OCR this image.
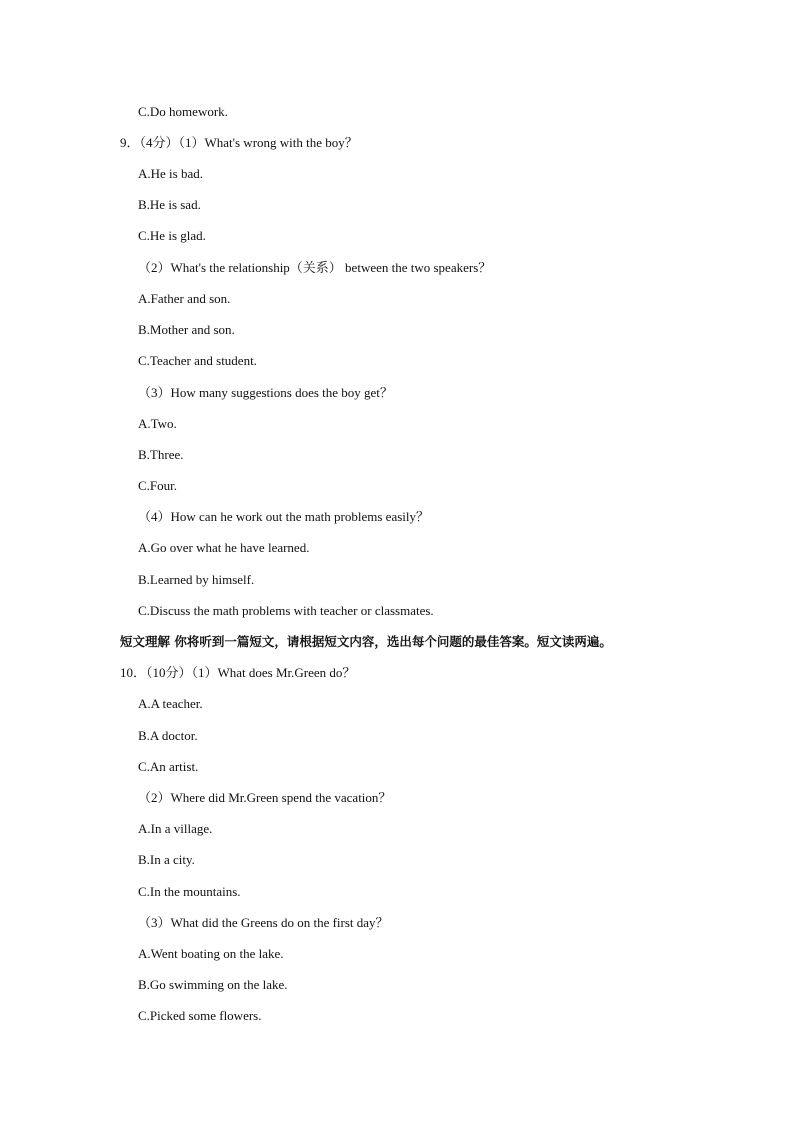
C.Do homework.
9．（4分）（1）What's wrong with the boy？
A.He is bad.
B.He is sad.
C.He is glad.
（2）What's the relationship（关系） between the two speakers？
A.Father and son.
B.Mother and son.
C.Teacher and student.
（3）How many suggestions does the boy get？
A.Two.
B.Three.
C.Four.
（4）How can he work out the math problems easily？
A.Go over what he have learned.
B.Learned by himself.
C.Discuss the math problems with teacher or classmates.
短文理解 你将听到一篇短文，请根据短文内容，选出每个问题的最佳答案。短文读两遍。
10．（10分）（1）What does Mr.Green do？
A.A teacher.
B.A doctor.
C.An artist.
（2）Where did Mr.Green spend the vacation？
A.In a village.
B.In a city.
C.In the mountains.
（3）What did the Greens do on the first day？
A.Went boating on the lake.
B.Go swimming on the lake.
C.Picked some flowers.
